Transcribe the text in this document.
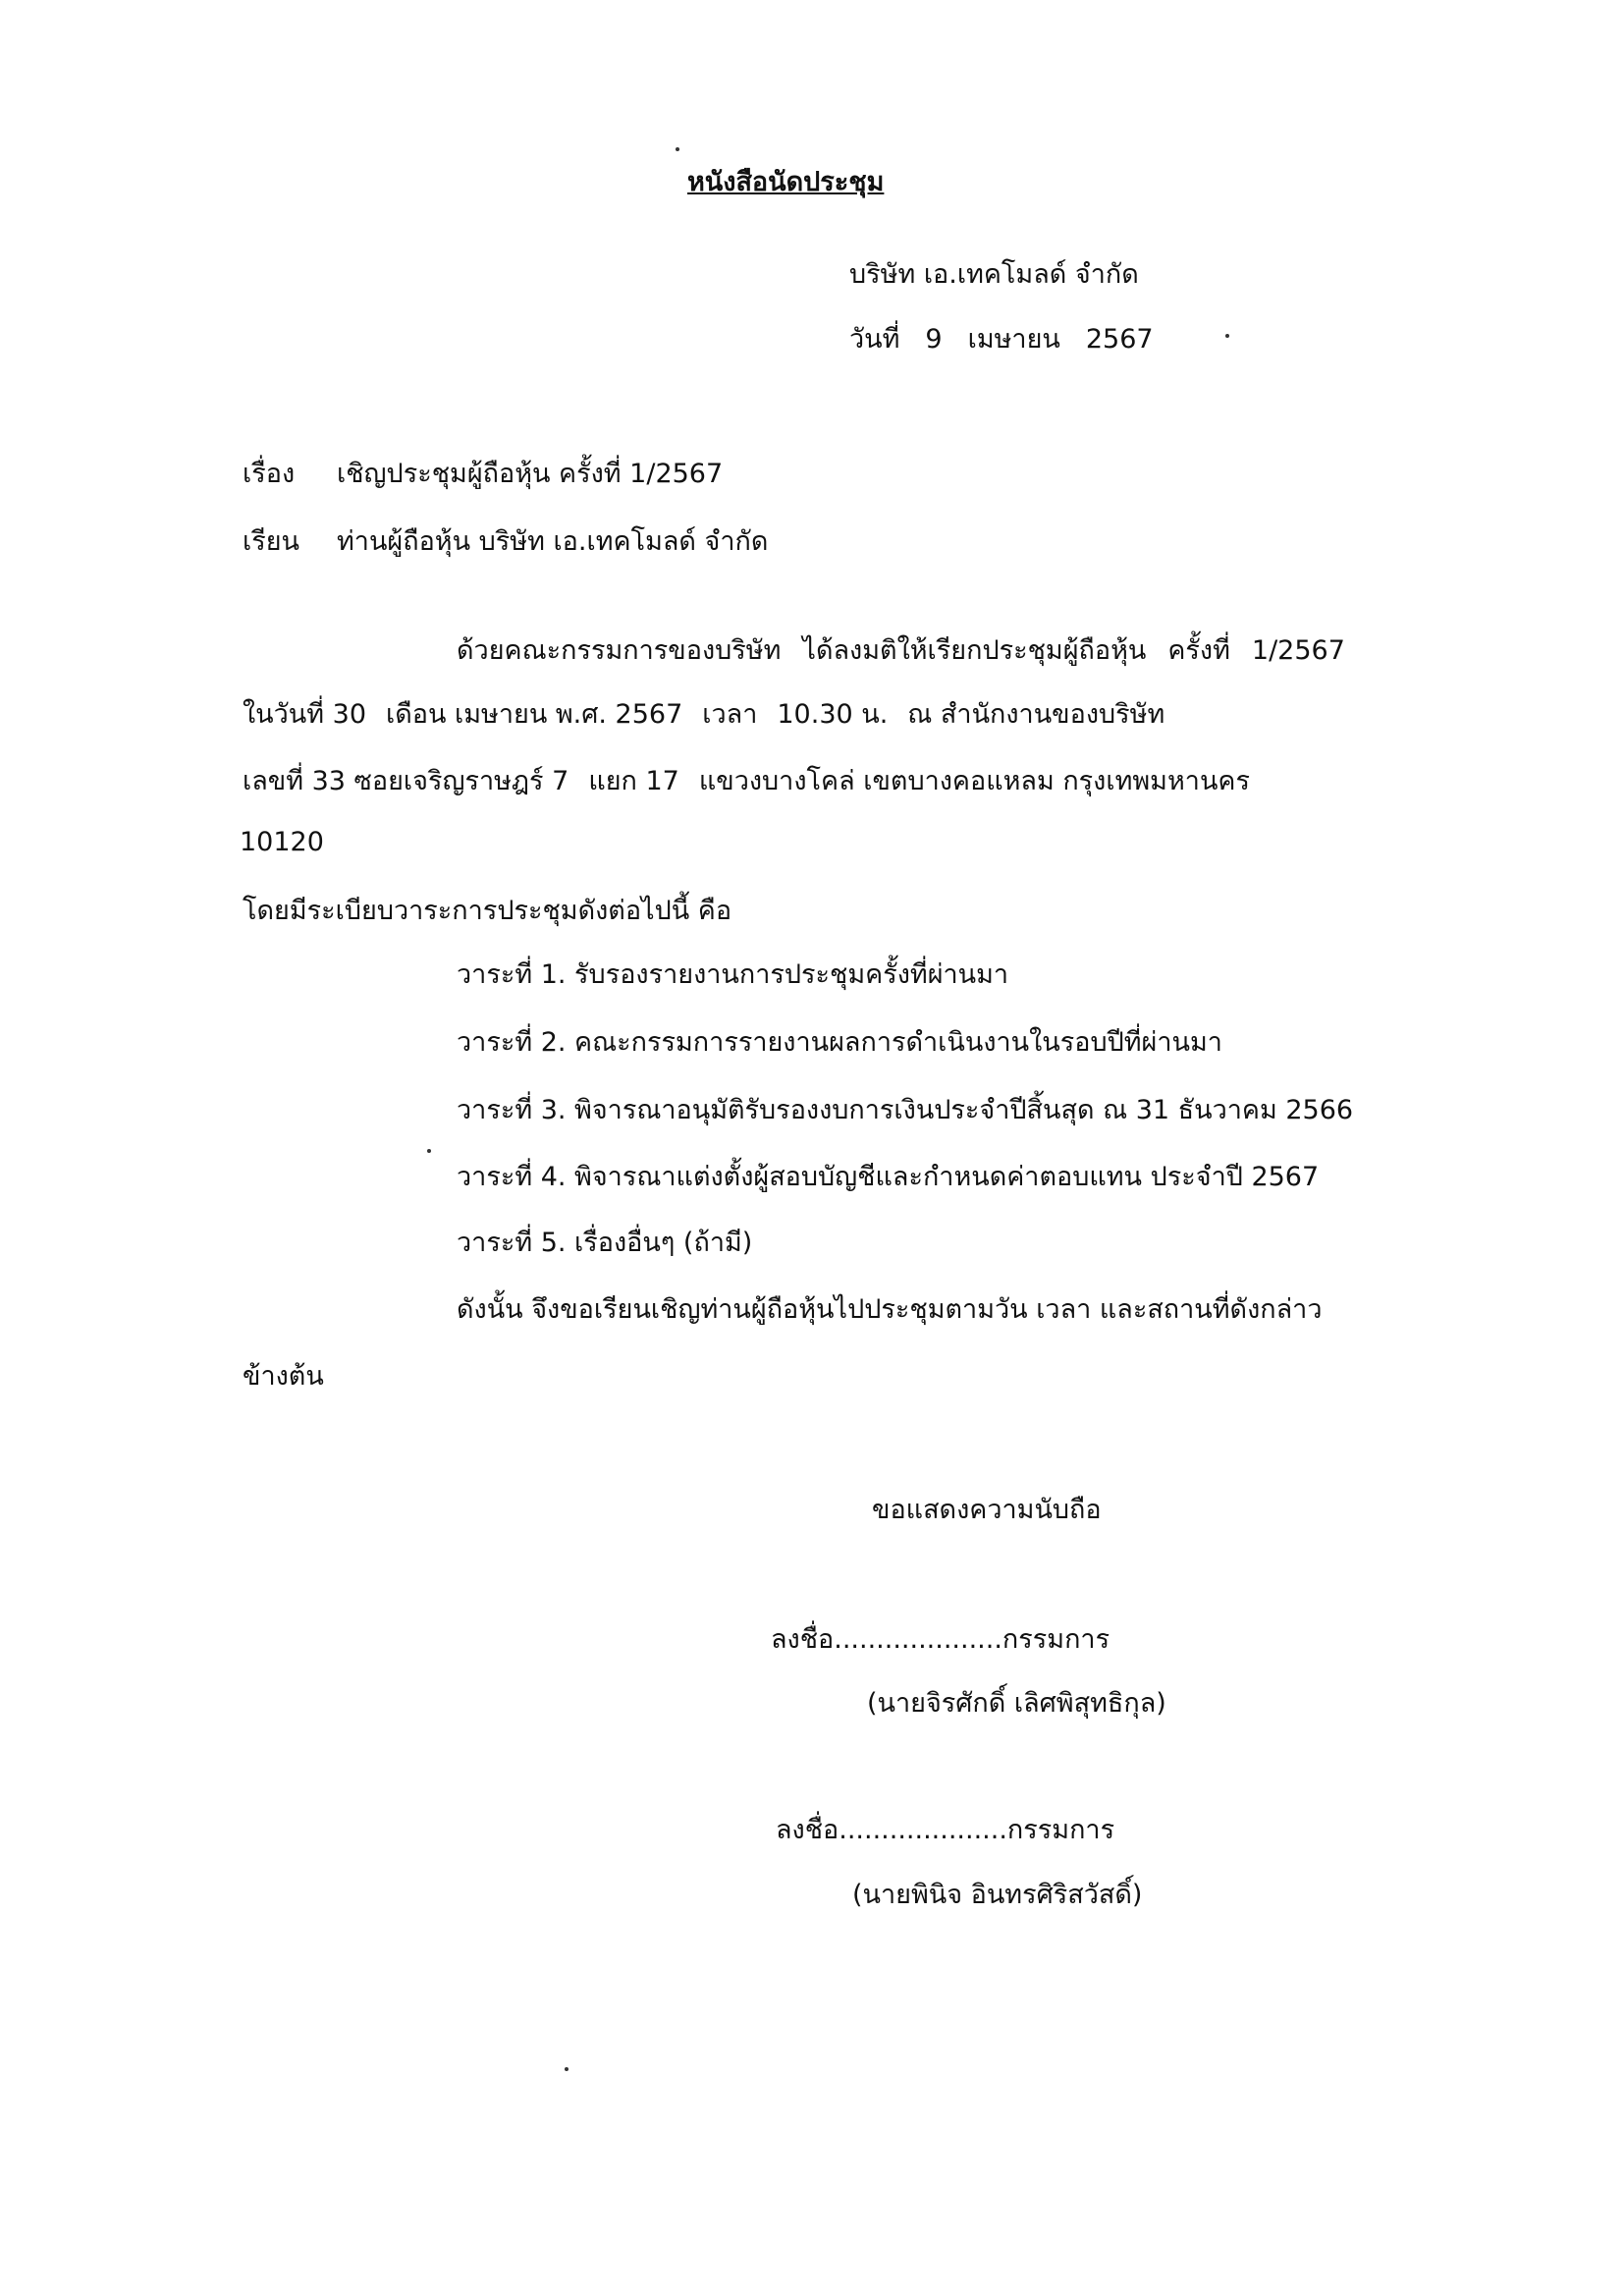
หนังสือนัดประชุม
บริษัท เอ.เทคโมลด์ จำกัด
วันที่ 9 เมษายน 2567
เรื่อง เชิญประชุมผู้ถือหุ้น ครั้งที่ 1/2567
เรียน ท่านผู้ถือหุ้น บริษัท เอ.เทคโมลด์ จำกัด
ด้วยคณะกรรมการของบริษัท ได้ลงมติให้เรียกประชุมผู้ถือหุ้น ครั้งที่ 1/2567
ในวันที่ 30 เดือน เมษายน พ.ศ. 2567 เวลา 10.30 น. ณ สำนักงานของบริษัท
เลขที่ 33 ซอยเจริญราษฎร์ 7 แยก 17 แขวงบางโคล่ เขตบางคอแหลม กรุงเทพมหานคร
10120
โดยมีระเบียบวาระการประชุมดังต่อไปนี้ คือ
วาระที่ 1. รับรองรายงานการประชุมครั้งที่ผ่านมา
วาระที่ 2. คณะกรรมการรายงานผลการดำเนินงานในรอบปีที่ผ่านมา
วาระที่ 3. พิจารณาอนุมัติรับรองงบการเงินประจำปีสิ้นสุด ณ 31 ธันวาคม 2566
วาระที่ 4. พิจารณาแต่งตั้งผู้สอบบัญชีและกำหนดค่าตอบแทน ประจำปี 2567
วาระที่ 5. เรื่องอื่นๆ (ถ้ามี)
ดังนั้น จึงขอเรียนเชิญท่านผู้ถือหุ้นไปประชุมตามวัน เวลา และสถานที่ดังกล่าว
ข้างต้น
ขอแสดงความนับถือ
ลงชื่อ....................กรรมการ
(นายจิรศักดิ์ เลิศพิสุทธิกุล)
ลงชื่อ....................กรรมการ
(นายพินิจ อินทรศิริสวัสดิ์)
